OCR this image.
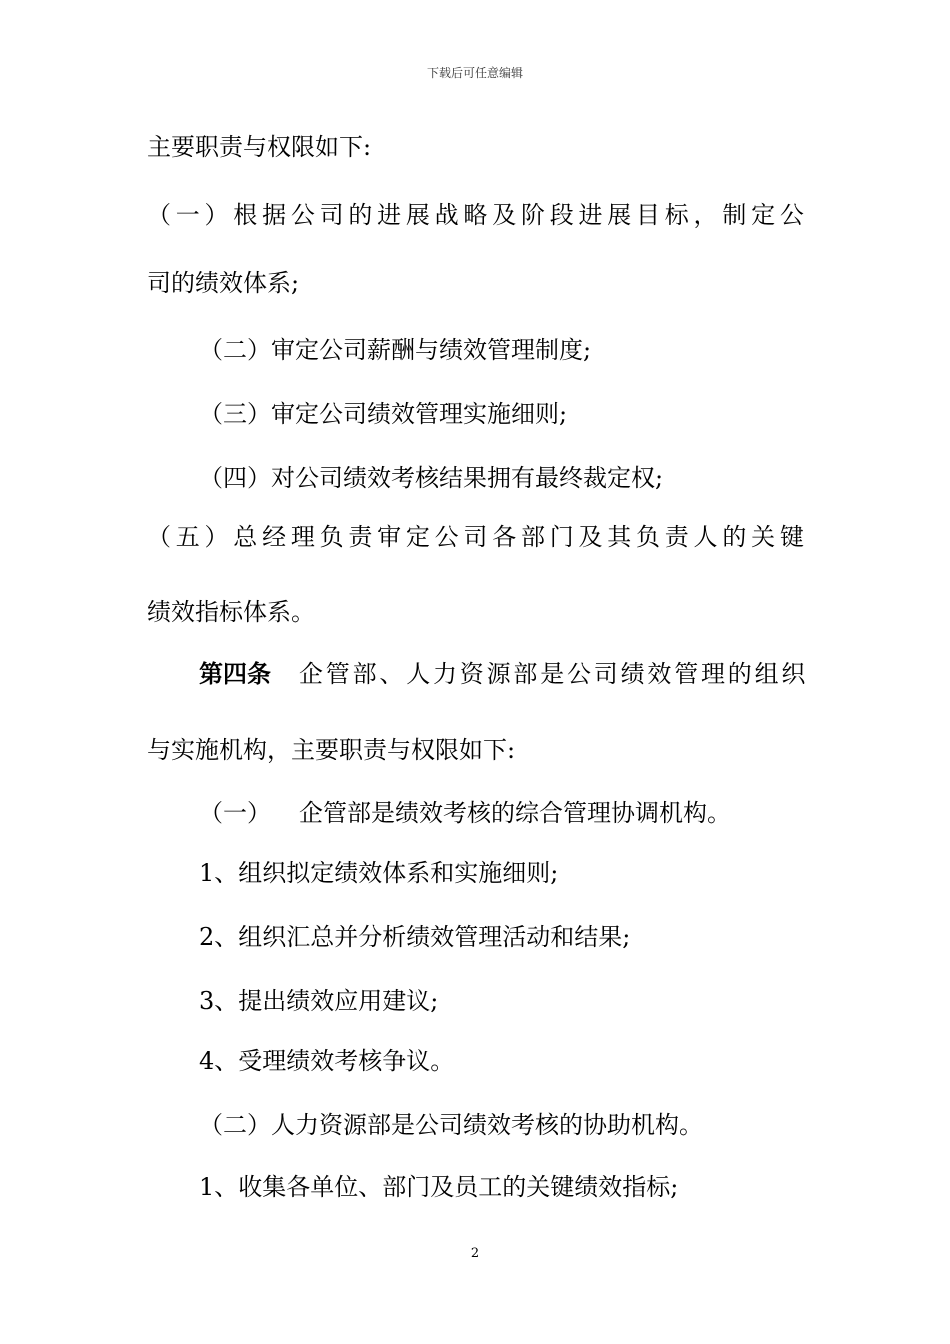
下载后可任意编辑
主要职责与权限如下:
（ 一 ） 根 据 公 司 的 进 展 战 略 及 阶 段 进 展 目 标 ， 制 定 公
司的绩效体系;
（二）审定公司薪酬与绩效管理制度;
（三）审定公司绩效管理实施细则;
（四）对公司绩效考核结果拥有最终裁定权;
（ 五 ） 总 经 理 负 责 审 定 公 司 各 部 门 及 其 负 责 人 的 关 键
绩效指标体系。
第四条 企管部、人力资源部是公司绩效管理的组织
与实施机构，主要职责与权限如下:
（一） 企管部是绩效考核的综合管理协调机构。
1、组织拟定绩效体系和实施细则;
2、组织汇总并分析绩效管理活动和结果;
3、提出绩效应用建议;
4、受理绩效考核争议。
（二）人力资源部是公司绩效考核的协助机构。
1、收集各单位、部门及员工的关键绩效指标;
2
